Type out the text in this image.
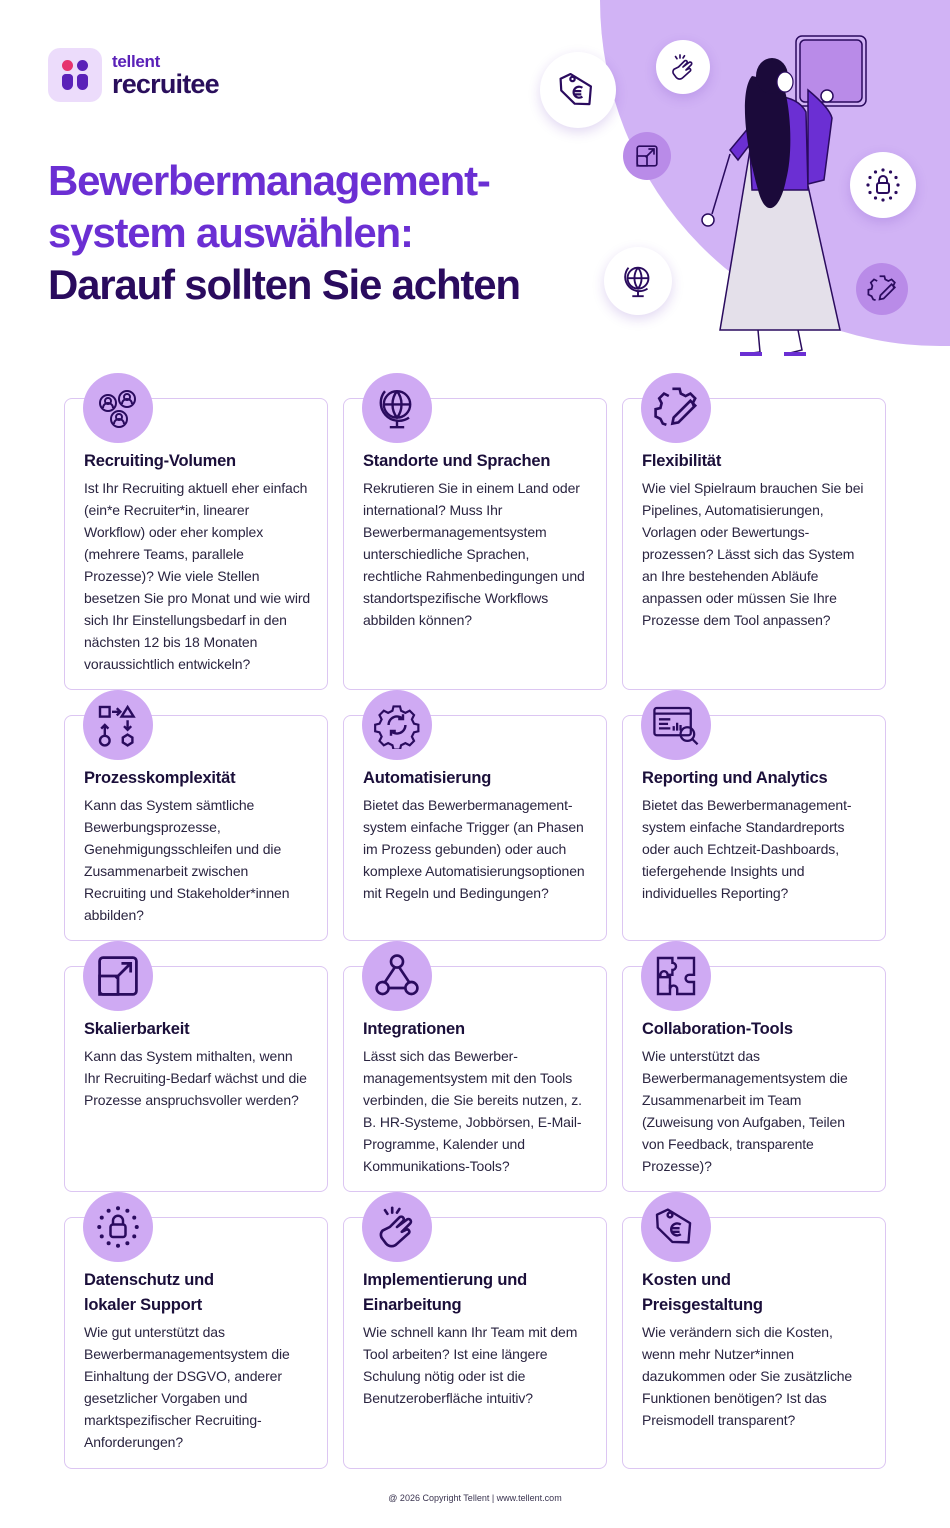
tellent
recruitee
Bewerbermanagement-
system auswählen:
Darauf sollten Sie achten
Recruiting-Volumen

Ist Ihr Recruiting aktuell eher einfach (ein*e Recruiter*in, linearer Workflow) oder eher komplex (mehrere Teams, parallele Prozesse)? Wie viele Stellen besetzen Sie pro Monat und wie wird sich Ihr Einstellungsbedarf in den nächsten 12 bis 18 Monaten voraussichtlich entwickeln?

Standorte und Sprachen

Rekrutieren Sie in einem Land oder international? Muss Ihr Bewerbermanagementsystem unterschiedliche Sprachen, rechtliche Rahmenbedingungen und standortspezifische Workflows abbilden können?

Flexibilität

Wie viel Spielraum brauchen Sie bei Pipelines, Automatisierungen, Vorlagen oder Bewertungs-prozessen? Lässt sich das System an Ihre bestehenden Abläufe anpassen oder müssen Sie Ihre Prozesse dem Tool anpassen?

Prozesskomplexität

Kann das System sämtliche Bewerbungsprozesse, Genehmigungsschleifen und die Zusammenarbeit zwischen Recruiting und Stakeholder*innen abbilden?

Automatisierung

Bietet das Bewerbermanagement-system einfache Trigger (an Phasen im Prozess gebunden) oder auch komplexe Automatisierungsoptionen mit Regeln und Bedingungen?

Reporting und Analytics

Bietet das Bewerbermanagement-system einfache Standardreports oder auch Echtzeit-Dashboards, tiefergehende Insights und individuelles Reporting?

Skalierbarkeit

Kann das System mithalten, wenn Ihr Recruiting-Bedarf wächst und die Prozesse anspruchsvoller werden?

Integrationen

Lässt sich das Bewerber-managementsystem mit den Tools verbinden, die Sie bereits nutzen, z. B. HR-Systeme, Jobbörsen, E-Mail-Programme, Kalender und Kommunikations-Tools?

Collaboration-Tools

Wie unterstützt das Bewerbermanagementsystem die Zusammenarbeit im Team (Zuweisung von Aufgaben, Teilen von Feedback, transparente Prozesse)?

Datenschutz und lokaler Support

Wie gut unterstützt das Bewerbermanagementsystem die Einhaltung der DSGVO, anderer gesetzlicher Vorgaben und marktspezifischer Recruiting-Anforderungen?

Implementierung und Einarbeitung

Wie schnell kann Ihr Team mit dem Tool arbeiten? Ist eine längere Schulung nötig oder ist die Benutzeroberfläche intuitiv?

Kosten und Preisgestaltung

Wie verändern sich die Kosten, wenn mehr Nutzer*innen dazukommen oder Sie zusätzliche Funktionen benötigen? Ist das Preismodell transparent?

@ 2026 Copyright Tellent | www.tellent.com
